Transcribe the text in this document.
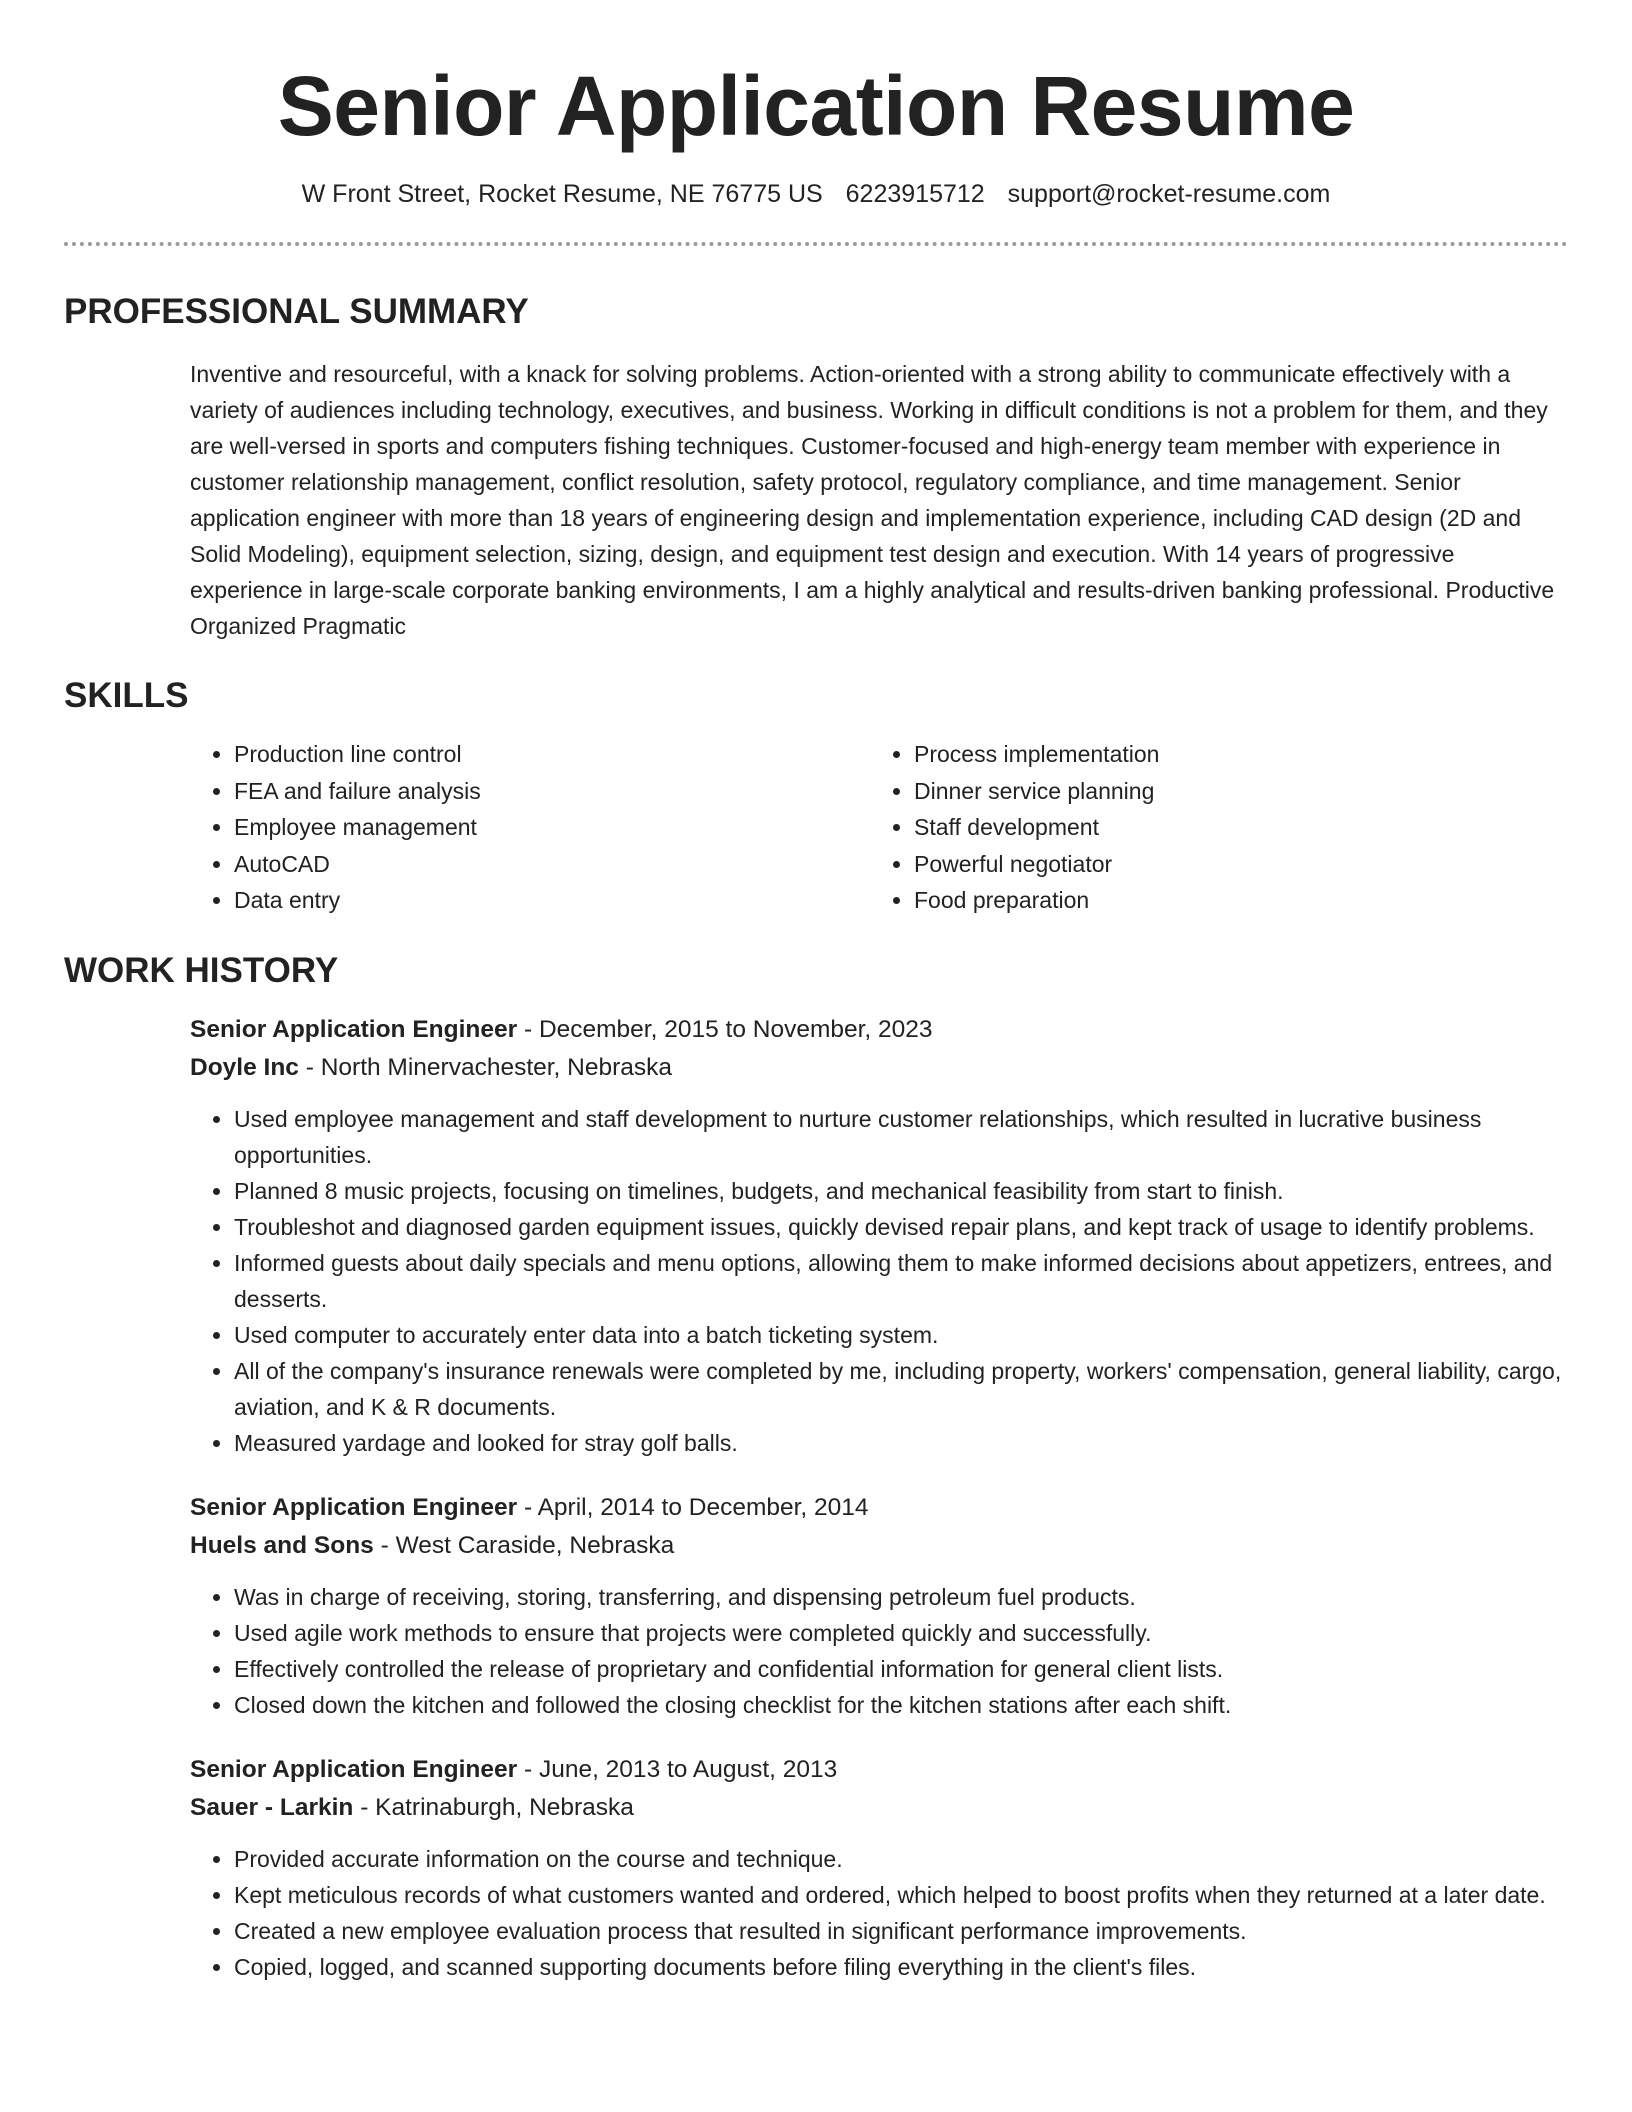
Senior Application Resume
W Front Street, Rocket Resume, NE 76775 US 6223915712 support@rocket-resume.com
PROFESSIONAL SUMMARY
Inventive and resourceful, with a knack for solving problems. Action-oriented with a strong ability to communicate effectively with a variety of audiences including technology, executives, and business. Working in difficult conditions is not a problem for them, and they are well-versed in sports and computers fishing techniques. Customer-focused and high-energy team member with experience in customer relationship management, conflict resolution, safety protocol, regulatory compliance, and time management. Senior application engineer with more than 18 years of engineering design and implementation experience, including CAD design (2D and Solid Modeling), equipment selection, sizing, design, and equipment test design and execution. With 14 years of progressive experience in large-scale corporate banking environments, I am a highly analytical and results-driven banking professional. Productive Organized Pragmatic
SKILLS
• Production line control
• FEA and failure analysis
• Employee management
• AutoCAD
• Data entry
• Process implementation
• Dinner service planning
• Staff development
• Powerful negotiator
• Food preparation
WORK HISTORY
Senior Application Engineer - December, 2015 to November, 2023
Doyle Inc - North Minervachester, Nebraska
• Used employee management and staff development to nurture customer relationships, which resulted in lucrative business opportunities.
• Planned 8 music projects, focusing on timelines, budgets, and mechanical feasibility from start to finish.
• Troubleshot and diagnosed garden equipment issues, quickly devised repair plans, and kept track of usage to identify problems.
• Informed guests about daily specials and menu options, allowing them to make informed decisions about appetizers, entrees, and desserts.
• Used computer to accurately enter data into a batch ticketing system.
• All of the company's insurance renewals were completed by me, including property, workers' compensation, general liability, cargo, aviation, and K & R documents.
• Measured yardage and looked for stray golf balls.
Senior Application Engineer - April, 2014 to December, 2014
Huels and Sons - West Caraside, Nebraska
• Was in charge of receiving, storing, transferring, and dispensing petroleum fuel products.
• Used agile work methods to ensure that projects were completed quickly and successfully.
• Effectively controlled the release of proprietary and confidential information for general client lists.
• Closed down the kitchen and followed the closing checklist for the kitchen stations after each shift.
Senior Application Engineer - June, 2013 to August, 2013
Sauer - Larkin - Katrinaburgh, Nebraska
• Provided accurate information on the course and technique.
• Kept meticulous records of what customers wanted and ordered, which helped to boost profits when they returned at a later date.
• Created a new employee evaluation process that resulted in significant performance improvements.
• Copied, logged, and scanned supporting documents before filing everything in the client's files.
